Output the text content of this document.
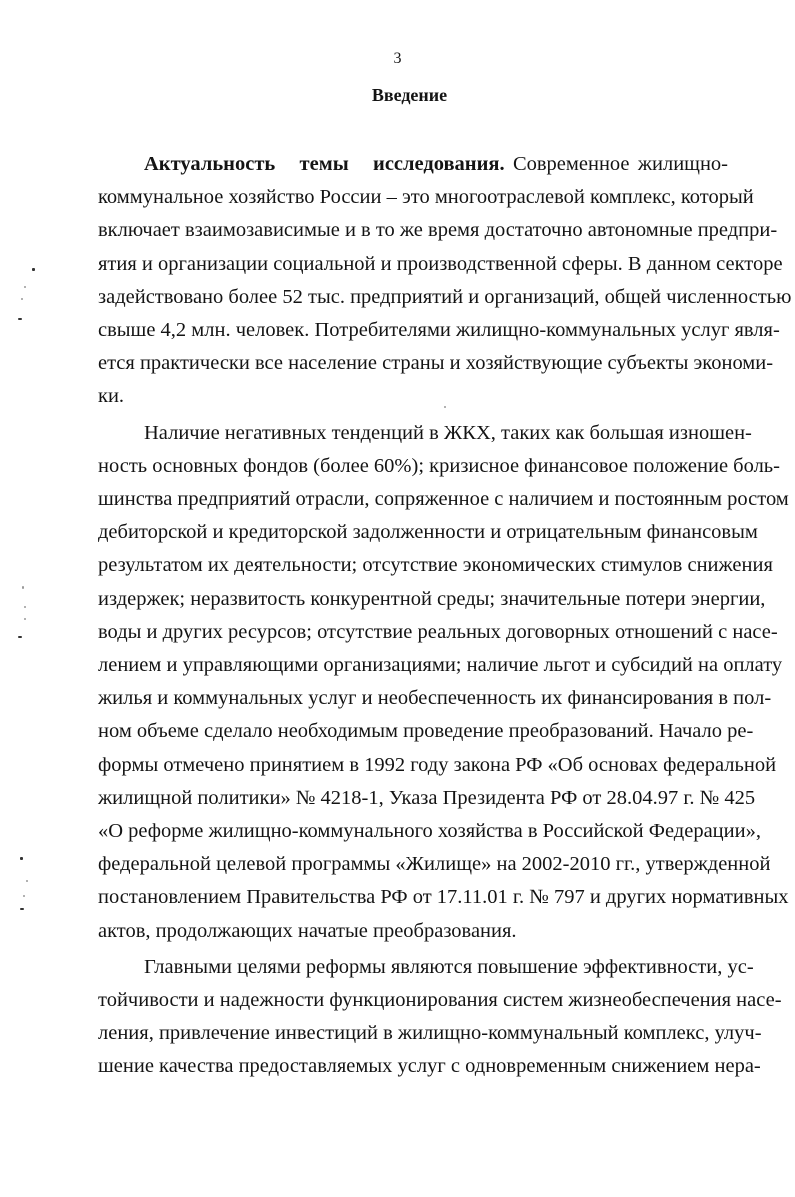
3
Введение
Актуальность темы исследования. Современное жилищно-
коммунальное хозяйство России – это многоотраслевой комплекс, который
включает взаимозависимые и в то же время достаточно автономные предпри-
ятия и организации социальной и производственной сферы. В данном секторе
задействовано более 52 тыс. предприятий и организаций, общей численностью
свыше 4,2 млн. человек. Потребителями жилищно-коммунальных услуг явля-
ется практически все население страны и хозяйствующие субъекты экономи-
ки.
Наличие негативных тенденций в ЖКХ, таких как большая изношен-
ность основных фондов (более 60%); кризисное финансовое положение боль-
шинства предприятий отрасли, сопряженное с наличием и постоянным ростом
дебиторской и кредиторской задолженности и отрицательным финансовым
результатом их деятельности; отсутствие экономических стимулов снижения
издержек; неразвитость конкурентной среды; значительные потери энергии,
воды и других ресурсов; отсутствие реальных договорных отношений с насе-
лением и управляющими организациями; наличие льгот и субсидий на оплату
жилья и коммунальных услуг и необеспеченность их финансирования в пол-
ном объеме сделало необходимым проведение преобразований. Начало ре-
формы отмечено принятием в 1992 году закона РФ «Об основах федеральной
жилищной политики» № 4218-1, Указа Президента РФ от 28.04.97 г. № 425
«О реформе жилищно-коммунального хозяйства в Российской Федерации»,
федеральной целевой программы «Жилище» на 2002-2010 гг., утвержденной
постановлением Правительства РФ от 17.11.01 г. № 797 и других нормативных
актов, продолжающих начатые преобразования.
Главными целями реформы являются повышение эффективности, ус-
тойчивости и надежности функционирования систем жизнеобеспечения насе-
ления, привлечение инвестиций в жилищно-коммунальный комплекс, улуч-
шение качества предоставляемых услуг с одновременным снижением нера-
